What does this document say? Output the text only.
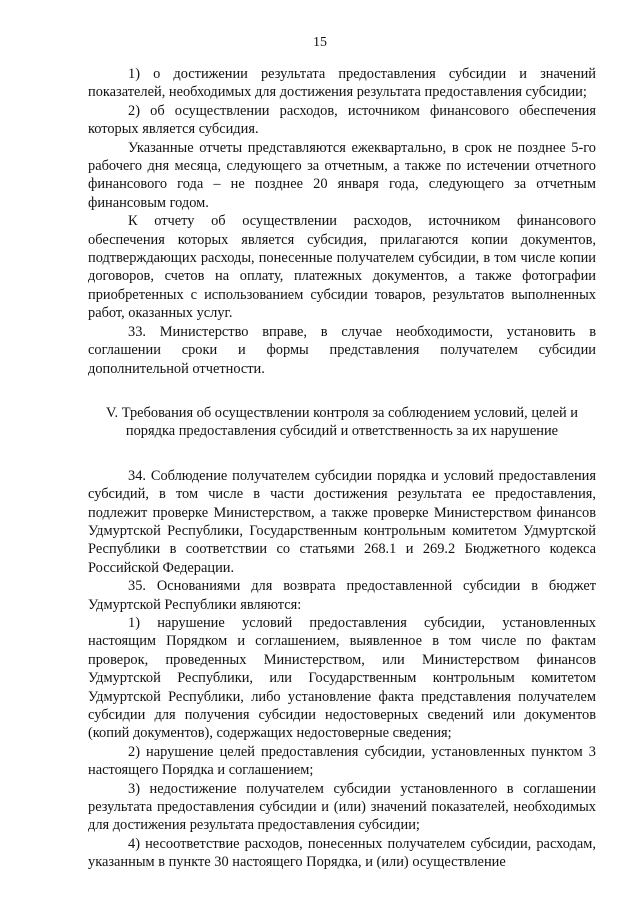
15

1) о достижении результата предоставления субсидии и значений показателей, необходимых для достижения результата предоставления субсидии;

2) об осуществлении расходов, источником финансового обеспечения которых является субсидия.

Указанные отчеты представляются ежеквартально, в срок не позднее 5-го рабочего дня месяца, следующего за отчетным, а также по истечении отчетного финансового года – не позднее 20 января года, следующего за отчетным финансовым годом.

К отчету об осуществлении расходов, источником финансового обеспечения которых является субсидия, прилагаются копии документов, подтверждающих расходы, понесенные получателем субсидии, в том числе копии договоров, счетов на оплату, платежных документов, а также фотографии приобретенных с использованием субсидии товаров, результатов выполненных работ, оказанных услуг.

33. Министерство вправе, в случае необходимости, установить в соглашении сроки и формы представления получателем субсидии дополнительной отчетности.

V. Требования об осуществлении контроля за соблюдением условий, целей и порядка предоставления субсидий и ответственность за их нарушение

34. Соблюдение получателем субсидии порядка и условий предоставления субсидий, в том числе в части достижения результата ее предоставления, подлежит проверке Министерством, а также проверке Министерством финансов Удмуртской Республики, Государственным контрольным комитетом Удмуртской Республики в соответствии со статьями 268.1 и 269.2 Бюджетного кодекса Российской Федерации.

35. Основаниями для возврата предоставленной субсидии в бюджет Удмуртской Республики являются:

1) нарушение условий предоставления субсидии, установленных настоящим Порядком и соглашением, выявленное в том числе по фактам проверок, проведенных Министерством, или Министерством финансов Удмуртской Республики, или Государственным контрольным комитетом Удмуртской Республики, либо установление факта представления получателем субсидии для получения субсидии недостоверных сведений или документов (копий документов), содержащих недостоверные сведения;

2) нарушение целей предоставления субсидии, установленных пунктом 3 настоящего Порядка и соглашением;

3) недостижение получателем субсидии установленного в соглашении результата предоставления субсидии и (или) значений показателей, необходимых для достижения результата предоставления субсидии;

4) несоответствие расходов, понесенных получателем субсидии, расходам, указанным в пункте 30 настоящего Порядка, и (или) осуществление
